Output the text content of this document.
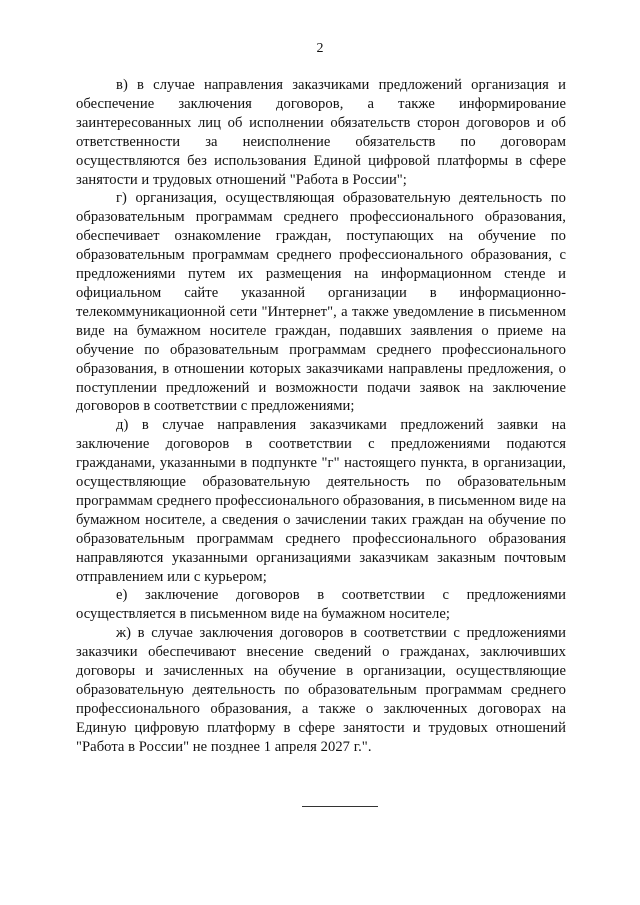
2

в) в случае направления заказчиками предложений организация и обеспечение заключения договоров, а также информирование заинтересованных лиц об исполнении обязательств сторон договоров и об ответственности за неисполнение обязательств по договорам осуществляются без использования Единой цифровой платформы в сфере занятости и трудовых отношений "Работа в России";

г) организация, осуществляющая образовательную деятельность по образовательным программам среднего профессионального образования, обеспечивает ознакомление граждан, поступающих на обучение по образовательным программам среднего профессионального образования, с предложениями путем их размещения на информационном стенде и официальном сайте указанной организации в информационно-телекоммуникационной сети "Интернет", а также уведомление в письменном виде на бумажном носителе граждан, подавших заявления о приеме на обучение по образовательным программам среднего профессионального образования, в отношении которых заказчиками направлены предложения, о поступлении предложений и возможности подачи заявок на заключение договоров в соответствии с предложениями;

д) в случае направления заказчиками предложений заявки на заключение договоров в соответствии с предложениями подаются гражданами, указанными в подпункте "г" настоящего пункта, в организации, осуществляющие образовательную деятельность по образовательным программам среднего профессионального образования, в письменном виде на бумажном носителе, а сведения о зачислении таких граждан на обучение по образовательным программам среднего профессионального образования направляются указанными организациями заказчикам заказным почтовым отправлением или с курьером;

е) заключение договоров в соответствии с предложениями осуществляется в письменном виде на бумажном носителе;

ж) в случае заключения договоров в соответствии с предложениями заказчики обеспечивают внесение сведений о гражданах, заключивших договоры и зачисленных на обучение в организации, осуществляющие образовательную деятельность по образовательным программам среднего профессионального образования, а также о заключенных договорах на Единую цифровую платформу в сфере занятости и трудовых отношений "Работа в России" не позднее 1 апреля 2027 г.".
